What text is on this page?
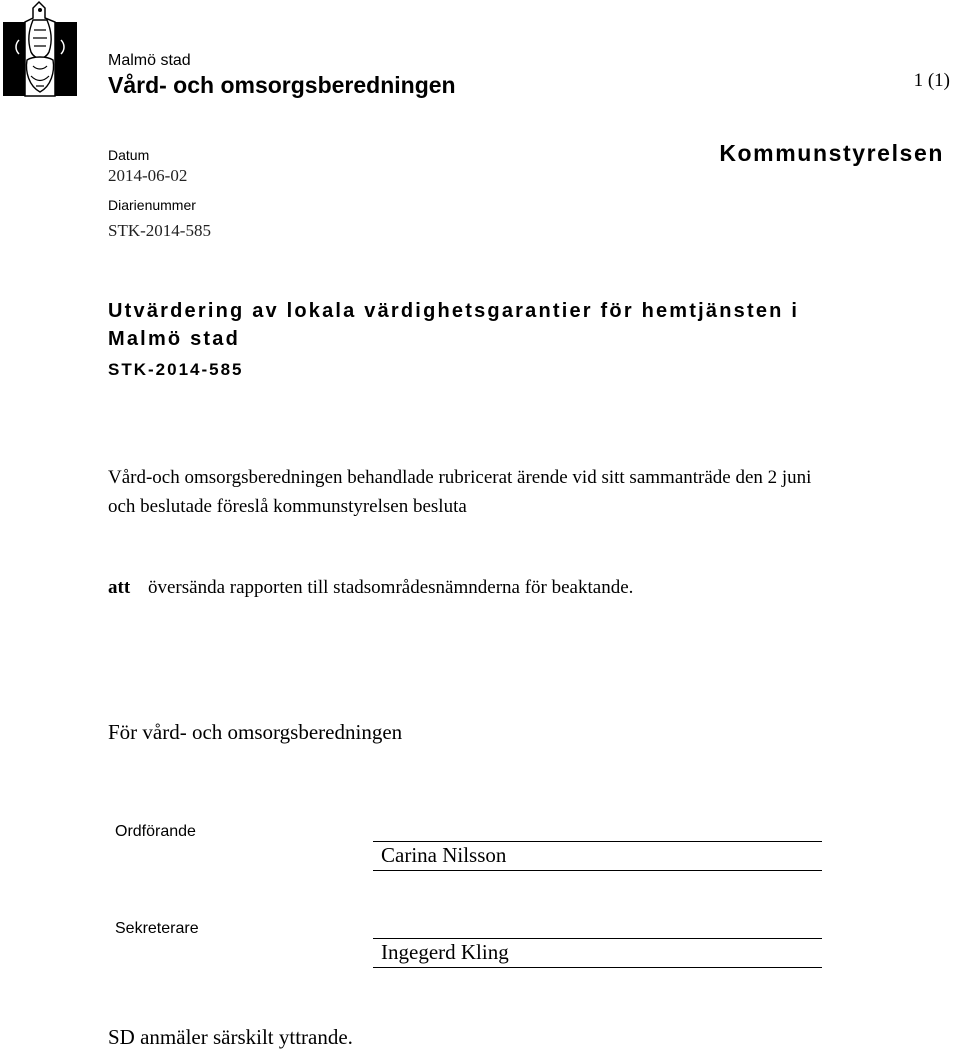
Malmö stad
Vård- och omsorgsberedningen	1 (1)
Datum
2014-06-02
Diarienummer
STK-2014-585
Kommunstyrelsen
Utvärdering av lokala värdighetsgarantier för hemtjänsten i
Malmö stad
STK-2014-585
Vård-och omsorgsberedningen behandlade rubricerat ärende vid sitt sammanträde den 2 juni
och beslutade föreslå kommunstyrelsen besluta
att översända rapporten till stadsområdesnämnderna för beaktande.
För vård- och omsorgsberedningen
Ordförande
Carina Nilsson
Sekreterare
Ingegerd Kling
SD anmäler särskilt yttrande.
